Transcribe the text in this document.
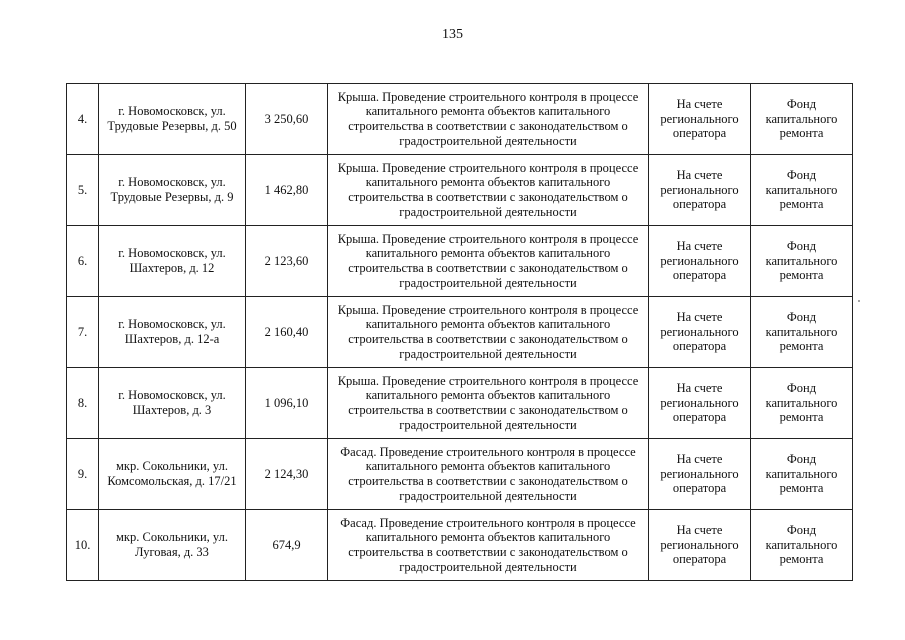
135
4.	г. Новомосковск, ул. Трудовые Резервы, д. 50	3 250,60	Крыша. Проведение строительного контроля в процессе капитального ремонта объектов капитального строительства в соответствии с законодательством о градостроительной деятельности	На счете регионального оператора	Фонд капитального ремонта
5.	г. Новомосковск, ул. Трудовые Резервы, д. 9	1 462,80	Крыша. Проведение строительного контроля в процессе капитального ремонта объектов капитального строительства в соответствии с законодательством о градостроительной деятельности	На счете регионального оператора	Фонд капитального ремонта
6.	г. Новомосковск, ул. Шахтеров, д. 12	2 123,60	Крыша. Проведение строительного контроля в процессе капитального ремонта объектов капитального строительства в соответствии с законодательством о градостроительной деятельности	На счете регионального оператора	Фонд капитального ремонта
7.	г. Новомосковск, ул. Шахтеров, д. 12-а	2 160,40	Крыша. Проведение строительного контроля в процессе капитального ремонта объектов капитального строительства в соответствии с законодательством о градостроительной деятельности	На счете регионального оператора	Фонд капитального ремонта
8.	г. Новомосковск, ул. Шахтеров, д. 3	1 096,10	Крыша. Проведение строительного контроля в процессе капитального ремонта объектов капитального строительства в соответствии с законодательством о градостроительной деятельности	На счете регионального оператора	Фонд капитального ремонта
9.	мкр. Сокольники, ул. Комсомольская, д. 17/21	2 124,30	Фасад. Проведение строительного контроля в процессе капитального ремонта объектов капитального строительства в соответствии с законодательством о градостроительной деятельности	На счете регионального оператора	Фонд капитального ремонта
10.	мкр. Сокольники, ул. Луговая, д. 33	674,9	Фасад. Проведение строительного контроля в процессе капитального ремонта объектов капитального строительства в соответствии с законодательством о градостроительной деятельности	На счете регионального оператора	Фонд капитального ремонта
